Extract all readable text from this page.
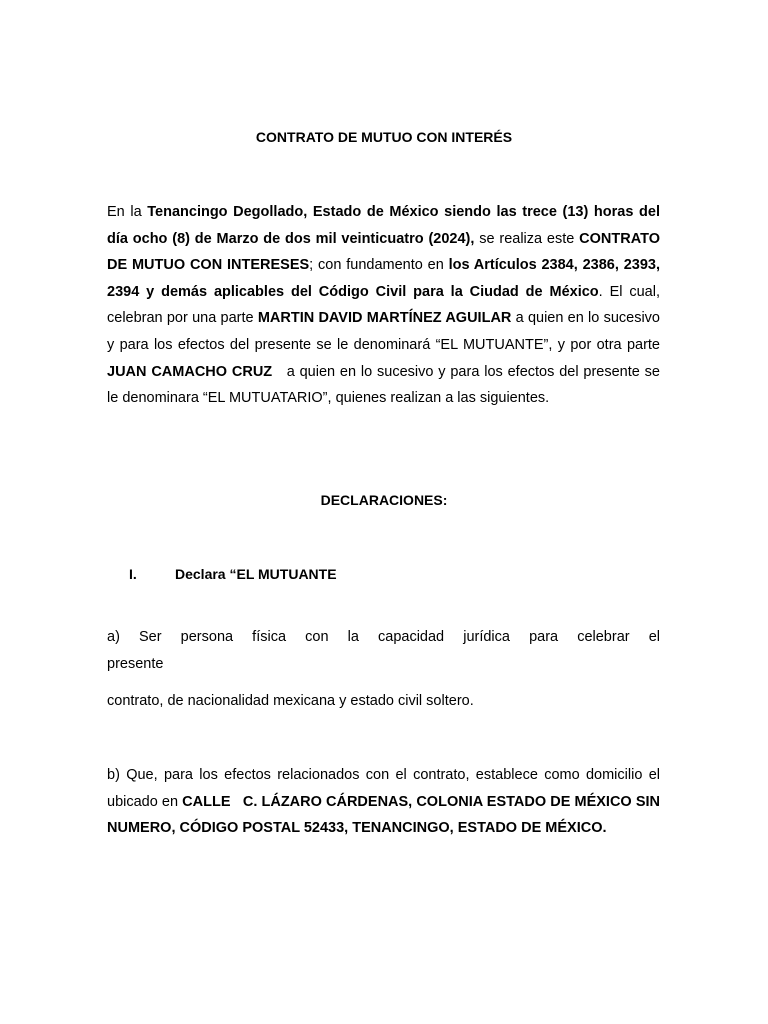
CONTRATO DE MUTUO CON INTERÉS
En la Tenancingo Degollado, Estado de México siendo las trece (13) horas del día ocho (8) de Marzo de dos mil veinticuatro (2024), se realiza este CONTRATO DE MUTUO CON INTERESES; con fundamento en los Artículos 2384, 2386, 2393, 2394 y demás aplicables del Código Civil para la Ciudad de México. El cual, celebran por una parte MARTIN DAVID MARTÍNEZ AGUILAR a quien en lo sucesivo y para los efectos del presente se le denominará “EL MUTUANTE”, y por otra parte JUAN CAMACHO CRUZ   a quien en lo sucesivo y para los efectos del presente se le denominara “EL MUTUATARIO”, quienes realizan a las siguientes.
DECLARACIONES:
I.	Declara “EL MUTUANTE
a) Ser persona física con la capacidad jurídica para celebrar el
presente
contrato, de nacionalidad mexicana y estado civil soltero.
b) Que, para los efectos relacionados con el contrato, establece como domicilio el ubicado en CALLE   C. LÁZARO CÁRDENAS, COLONIA ESTADO DE MÉXICO SIN NUMERO, CÓDIGO POSTAL 52433, TENANCINGO, ESTADO DE MÉXICO.
